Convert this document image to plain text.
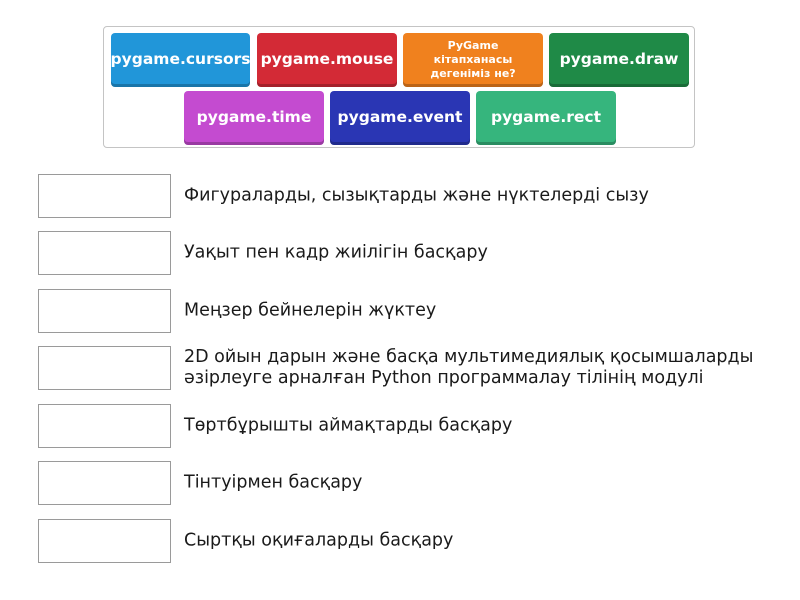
pygame.cursors pygame.mouse
PyGame кітапханасы дегеніміз не?
pygame.draw
pygame.time	pygame.event	pygame.rect
Фигураларды, сызықтарды және нүктелерді сызу
Уақыт пен кадр жиілігін басқару
Меңзер бейнелерін жүктеу
2D ойын дарын және басқа мультимедиялық қосымшаларды әзірлеуге арналған Python программалау тілінің модулі
Төртбұрышты аймақтарды басқару
Тінтуірмен басқару
Сыртқы оқиғаларды басқару
